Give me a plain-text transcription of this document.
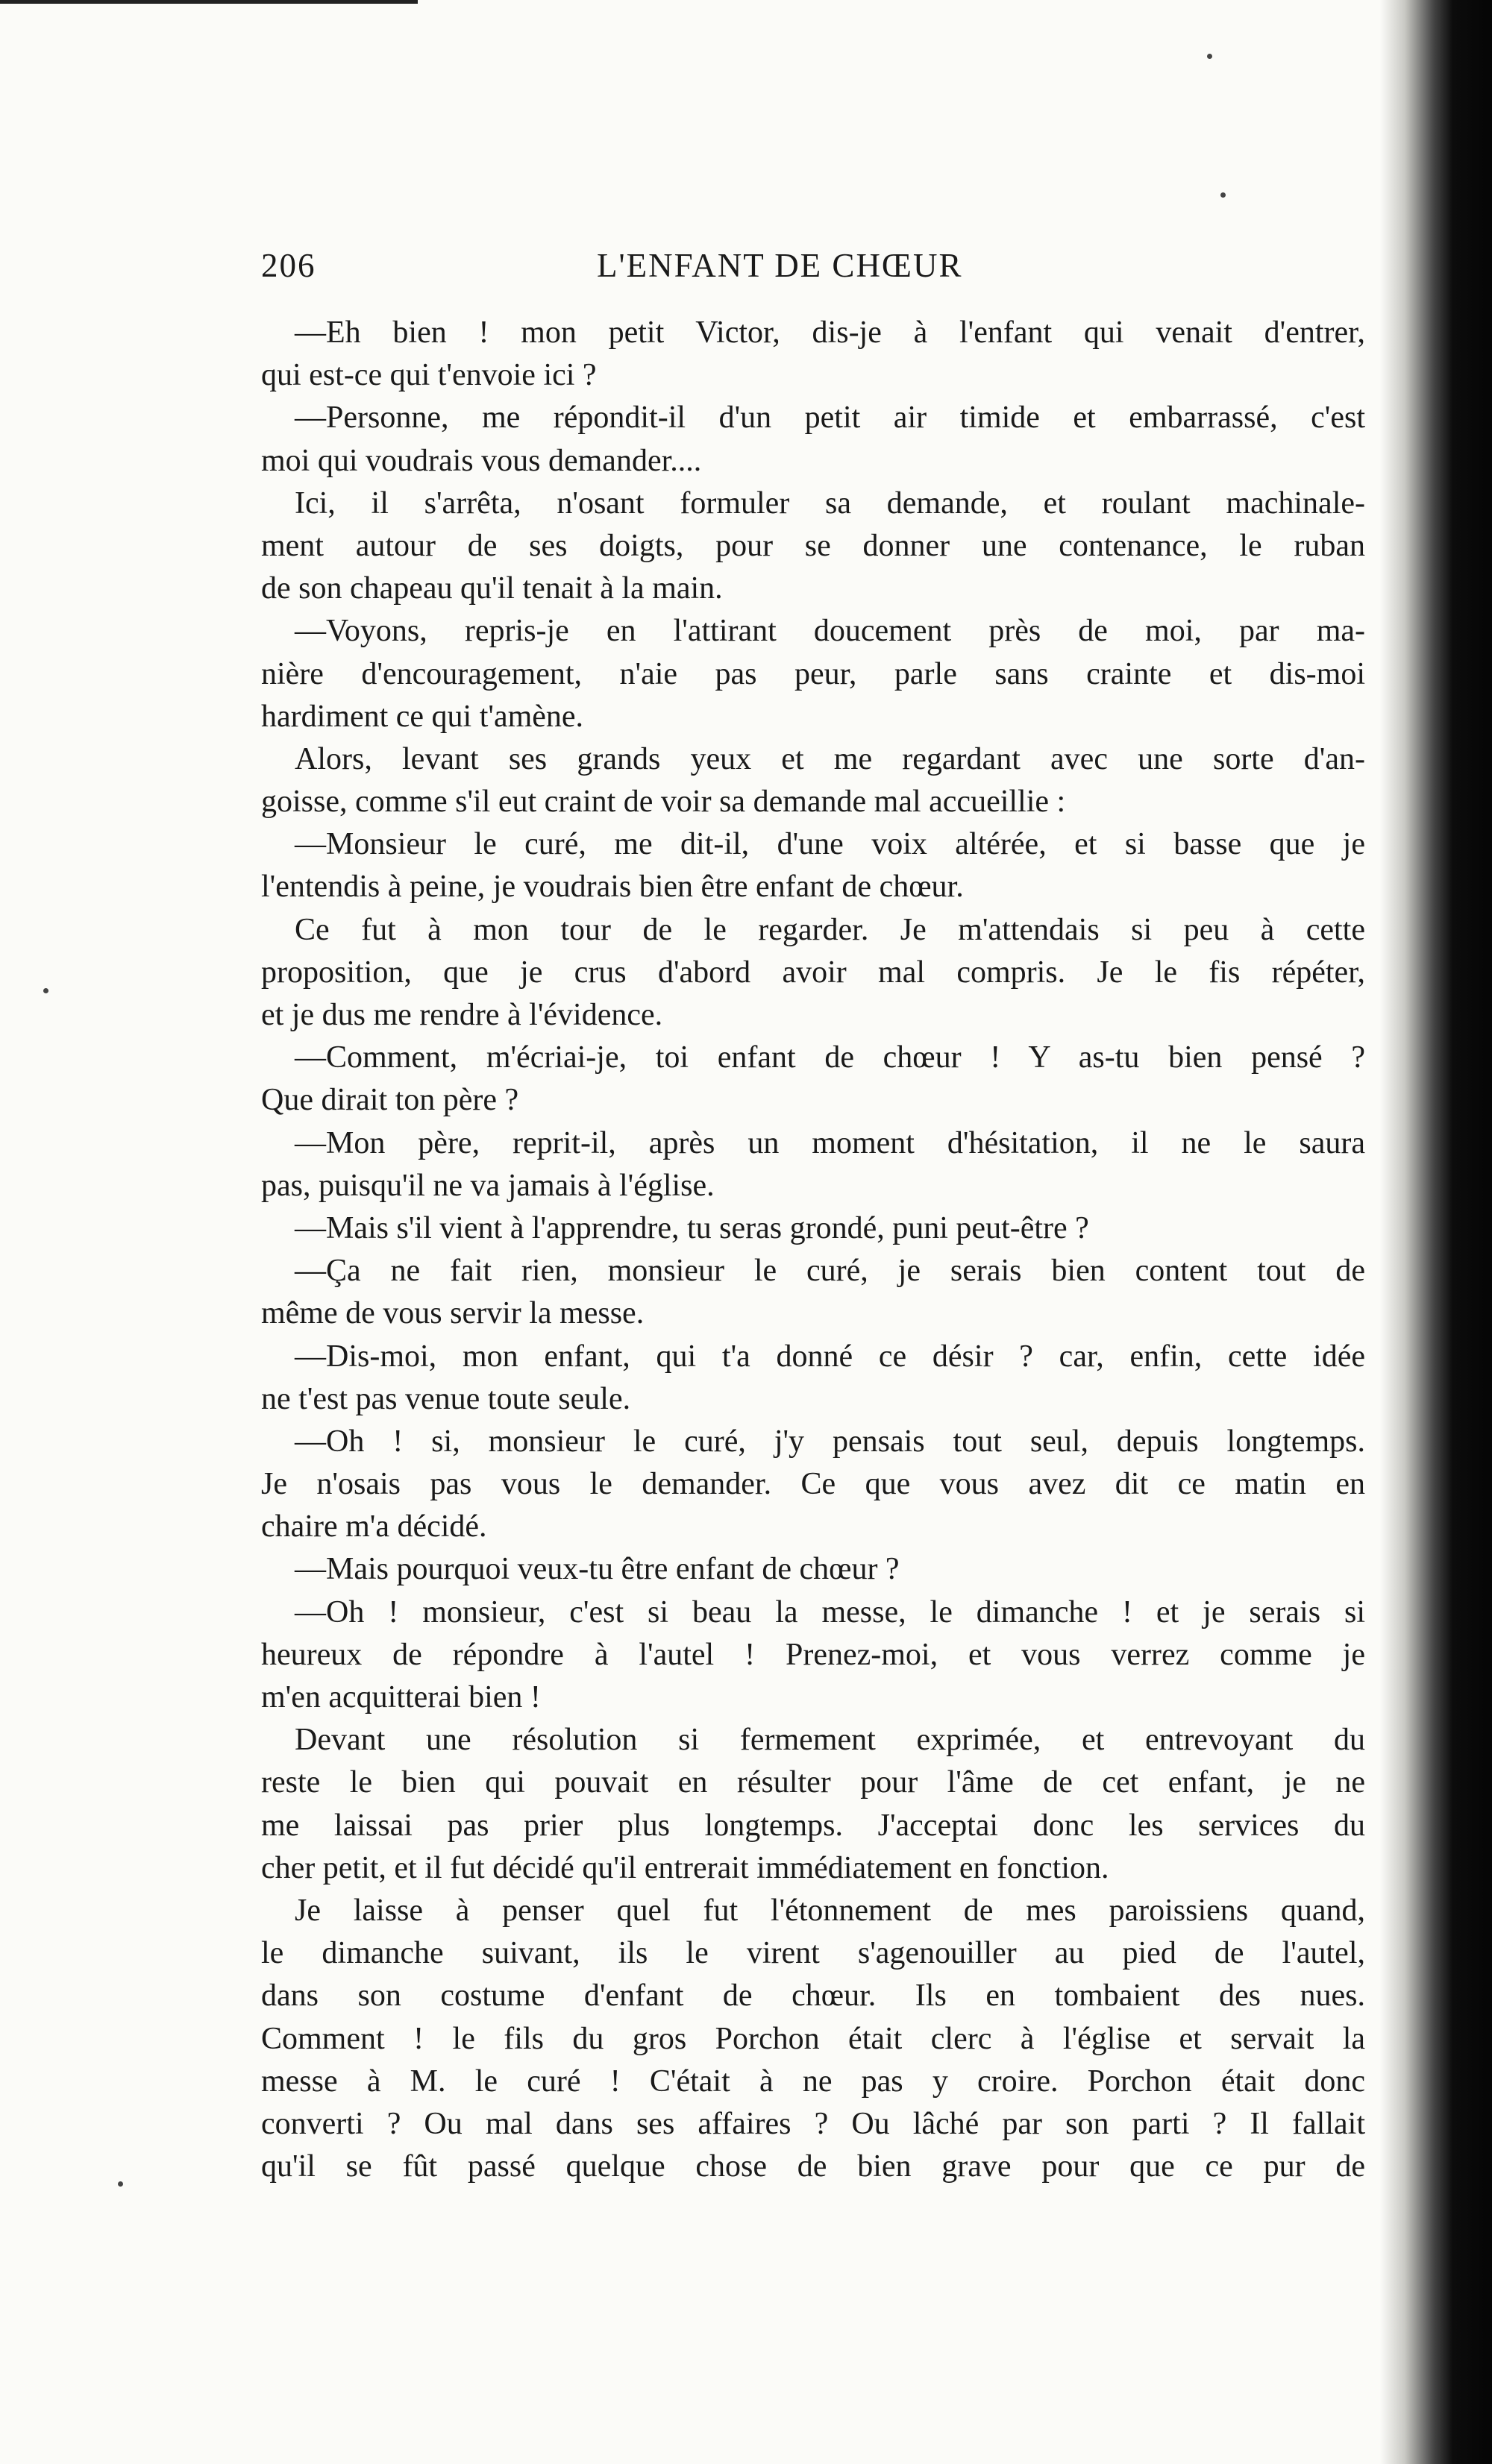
206	L'ENFANT DE CHŒUR
—Eh bien ! mon petit Victor, dis-je à l'enfant qui venait d'entrer,
qui est-ce qui t'envoie ici ?
—Personne, me répondit-il d'un petit air timide et embarrassé, c'est
moi qui voudrais vous demander....
Ici, il s'arrêta, n'osant formuler sa demande, et roulant machinale-
ment autour de ses doigts, pour se donner une contenance, le ruban
de son chapeau qu'il tenait à la main.
—Voyons, repris-je en l'attirant doucement près de moi, par ma-
nière d'encouragement, n'aie pas peur, parle sans crainte et dis-moi
hardiment ce qui t'amène.
Alors, levant ses grands yeux et me regardant avec une sorte d'an-
goisse, comme s'il eut craint de voir sa demande mal accueillie :
—Monsieur le curé, me dit-il, d'une voix altérée, et si basse que je
l'entendis à peine, je voudrais bien être enfant de chœur.
Ce fut à mon tour de le regarder. Je m'attendais si peu à cette
proposition, que je crus d'abord avoir mal compris. Je le fis répéter,
et je dus me rendre à l'évidence.
—Comment, m'écriai-je, toi enfant de chœur ! Y as-tu bien pensé ?
Que dirait ton père ?
—Mon père, reprit-il, après un moment d'hésitation, il ne le saura
pas, puisqu'il ne va jamais à l'église.
—Mais s'il vient à l'apprendre, tu seras grondé, puni peut-être ?
—Ça ne fait rien, monsieur le curé, je serais bien content tout de
même de vous servir la messe.
—Dis-moi, mon enfant, qui t'a donné ce désir ? car, enfin, cette idée
ne t'est pas venue toute seule.
—Oh ! si, monsieur le curé, j'y pensais tout seul, depuis longtemps.
Je n'osais pas vous le demander. Ce que vous avez dit ce matin en
chaire m'a décidé.
—Mais pourquoi veux-tu être enfant de chœur ?
—Oh ! monsieur, c'est si beau la messe, le dimanche ! et je serais si
heureux de répondre à l'autel ! Prenez-moi, et vous verrez comme je
m'en acquitterai bien !
Devant une résolution si fermement exprimée, et entrevoyant du
reste le bien qui pouvait en résulter pour l'âme de cet enfant, je ne
me laissai pas prier plus longtemps. J'acceptai donc les services du
cher petit, et il fut décidé qu'il entrerait immédiatement en fonction.
Je laisse à penser quel fut l'étonnement de mes paroissiens quand,
le dimanche suivant, ils le virent s'agenouiller au pied de l'autel,
dans son costume d'enfant de chœur. Ils en tombaient des nues.
Comment ! le fils du gros Porchon était clerc à l'église et servait la
messe à M. le curé ! C'était à ne pas y croire. Porchon était donc
converti ? Ou mal dans ses affaires ? Ou lâché par son parti ? Il fallait
qu'il se fût passé quelque chose de bien grave pour que ce pur de
